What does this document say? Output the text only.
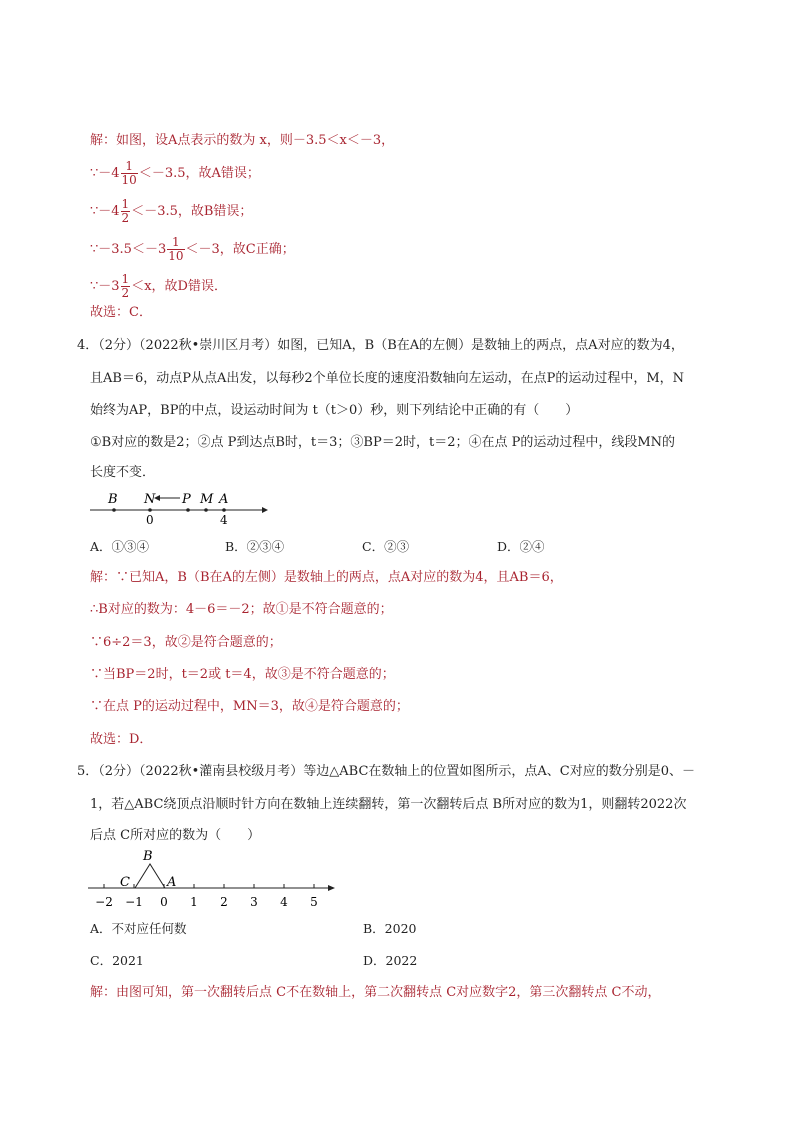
解：如图，设A点表示的数为 x，则－3.5＜x＜－3，
∵－4 $\frac{1}{10} <-3.5$，故A错误；
∵－4 $\frac{1}{2} <-3.5$，故B错误；
∵－3.5＜－3 $\frac{1}{10} <-3$，故C正确；
∵－3 $\frac{1}{2} <x$，故D错误．
故选：C．
4．（2分）（2022秋•崇川区月考）如图，已知A，B（B在A的左侧）是数轴上的两点，点A对应的数为4，
且AB＝6，动点P从点A出发，以每秒2个单位长度的速度沿数轴向左运动，在点P的运动过程中，M，N
始终为AP，BP的中点，设运动时间为 t（t＞0）秒，则下列结论中正确的有（　　）
①B对应的数是2；②点 P到达点B时，t＝3；③BP＝2时，t＝2；④在点 P的运动过程中，线段MN的
长度不变．
B N P M A
0	4
A．①③④	B．②③④	C．②③	D．②④
解：∵已知A，B（B在A的左侧）是数轴上的两点，点A对应的数为4，且AB＝6，
∴B对应的数为：4－6＝－2；故①是不符合题意的；
∵6÷2＝3，故②是符合题意的；
∵当BP＝2时，t＝2或 t＝4，故③是不符合题意的；
∵在点 P的运动过程中，MN＝3，故④是符合题意的；
故选：D．
5．（2分）（2022秋•灌南县校级月考）等边△ABC在数轴上的位置如图所示，点A、C对应的数分别是0、－
1，若△ABC绕顶点沿顺时针方向在数轴上连续翻转，第一次翻转后点 B所对应的数为1，则翻转2022次
后点 C所对应的数为（　　）
B
C	A
−2 −1 0 1 2 3 4 5
A．不对应任何数	B．2020
C．2021	D．2022
解：由图可知，第一次翻转后点 C不在数轴上，第二次翻转点 C对应数字2，第三次翻转点 C不动，
